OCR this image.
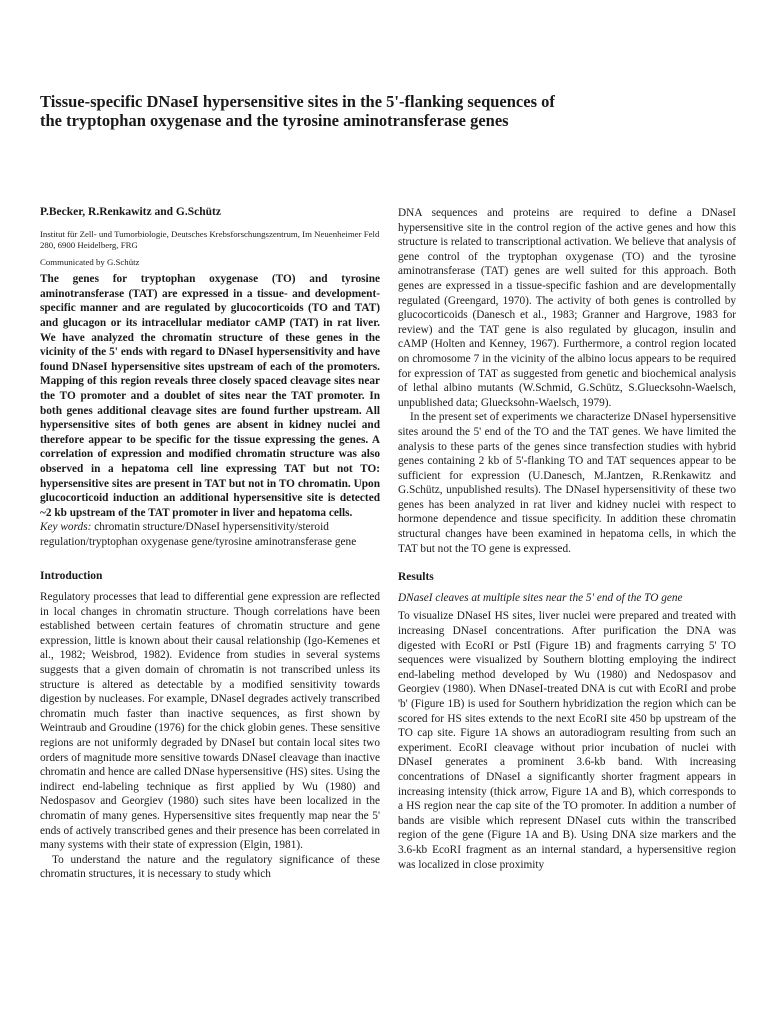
Tissue-specific DNaseI hypersensitive sites in the 5'-flanking sequences of the tryptophan oxygenase and the tyrosine aminotransferase genes

P.Becker, R.Renkawitz and G.Schütz

Institut für Zell- und Tumorbiologie, Deutsches Krebsforschungszentrum, Im Neuenheimer Feld 280, 6900 Heidelberg, FRG

Communicated by G.Schütz

The genes for tryptophan oxygenase (TO) and tyrosine aminotransferase (TAT) are expressed in a tissue- and development-specific manner and are regulated by glucocorticoids (TO and TAT) and glucagon or its intracellular mediator cAMP (TAT) in rat liver. We have analyzed the chromatin structure of these genes in the vicinity of the 5' ends with regard to DNaseI hypersensitivity and have found DNaseI hypersensitive sites upstream of each of the promoters. Mapping of this region reveals three closely spaced cleavage sites near the TO promoter and a doublet of sites near the TAT promoter. In both genes additional cleavage sites are found further upstream. All hypersensitive sites of both genes are absent in kidney nuclei and therefore appear to be specific for the tissue expressing the genes. A correlation of expression and modified chromatin structure was also observed in a hepatoma cell line expressing TAT but not TO: hypersensitive sites are present in TAT but not in TO chromatin. Upon glucocorticoid induction an additional hypersensitive site is detected ~2 kb upstream of the TAT promoter in liver and hepatoma cells.

Key words: chromatin structure/DNaseI hypersensitivity/steroid regulation/tryptophan oxygenase gene/tyrosine aminotransferase gene

Introduction

Regulatory processes that lead to differential gene expression are reflected in local changes in chromatin structure. Though correlations have been established between certain features of chromatin structure and gene expression, little is known about their causal relationship (Igo-Kemenes et al., 1982; Weisbrod, 1982). Evidence from studies in several systems suggests that a given domain of chromatin is not transcribed unless its structure is altered as detectable by a modified sensitivity towards digestion by nucleases. For example, DNaseI degrades actively transcribed chromatin much faster than inactive sequences, as first shown by Weintraub and Groudine (1976) for the chick globin genes. These sensitive regions are not uniformly degraded by DNaseI but contain local sites two orders of magnitude more sensitive towards DNaseI cleavage than inactive chromatin and hence are called DNase hypersensitive (HS) sites. Using the indirect end-labeling technique as first applied by Wu (1980) and Nedospasov and Georgiev (1980) such sites have been localized in the chromatin of many genes. Hypersensitive sites frequently map near the 5' ends of actively transcribed genes and their presence has been correlated in many systems with their state of expression (Elgin, 1981).

To understand the nature and the regulatory significance of these chromatin structures, it is necessary to study which

DNA sequences and proteins are required to define a DNaseI hypersensitive site in the control region of the active genes and how this structure is related to transcriptional activation. We believe that analysis of gene control of the tryptophan oxygenase (TO) and the tyrosine aminotransferase (TAT) genes are well suited for this approach. Both genes are expressed in a tissue-specific fashion and are developmentally regulated (Greengard, 1970). The activity of both genes is controlled by glucocorticoids (Danesch et al., 1983; Granner and Hargrove, 1983 for review) and the TAT gene is also regulated by glucagon, insulin and cAMP (Holten and Kenney, 1967). Furthermore, a control region located on chromosome 7 in the vicinity of the albino locus appears to be required for expression of TAT as suggested from genetic and biochemical analysis of lethal albino mutants (W.Schmid, G.Schütz, S.Gluecksohn-Waelsch, unpublished data; Gluecksohn-Waelsch, 1979).

In the present set of experiments we characterize DNaseI hypersensitive sites around the 5' end of the TO and the TAT genes. We have limited the analysis to these parts of the genes since transfection studies with hybrid genes containing 2 kb of 5'-flanking TO and TAT sequences appear to be sufficient for expression (U.Danesch, M.Jantzen, R.Renkawitz and G.Schütz, unpublished results). The DNaseI hypersensitivity of these two genes has been analyzed in rat liver and kidney nuclei with respect to hormone dependence and tissue specificity. In addition these chromatin structural changes have been examined in hepatoma cells, in which the TAT but not the TO gene is expressed.

Results

DNaseI cleaves at multiple sites near the 5' end of the TO gene

To visualize DNaseI HS sites, liver nuclei were prepared and treated with increasing DNaseI concentrations. After purification the DNA was digested with EcoRI or PstI (Figure 1B) and fragments carrying 5' TO sequences were visualized by Southern blotting employing the indirect end-labeling method developed by Wu (1980) and Nedospasov and Georgiev (1980). When DNaseI-treated DNA is cut with EcoRI and probe 'b' (Figure 1B) is used for Southern hybridization the region which can be scored for HS sites extends to the next EcoRI site 450 bp upstream of the TO cap site. Figure 1A shows an autoradiogram resulting from such an experiment. EcoRI cleavage without prior incubation of nuclei with DNaseI generates a prominent 3.6-kb band. With increasing concentrations of DNaseI a significantly shorter fragment appears in increasing intensity (thick arrow, Figure 1A and B), which corresponds to a HS region near the cap site of the TO promoter. In addition a number of bands are visible which represent DNaseI cuts within the transcribed region of the gene (Figure 1A and B). Using DNA size markers and the 3.6-kb EcoRI fragment as an internal standard, a hypersensitive region was localized in close proximity
